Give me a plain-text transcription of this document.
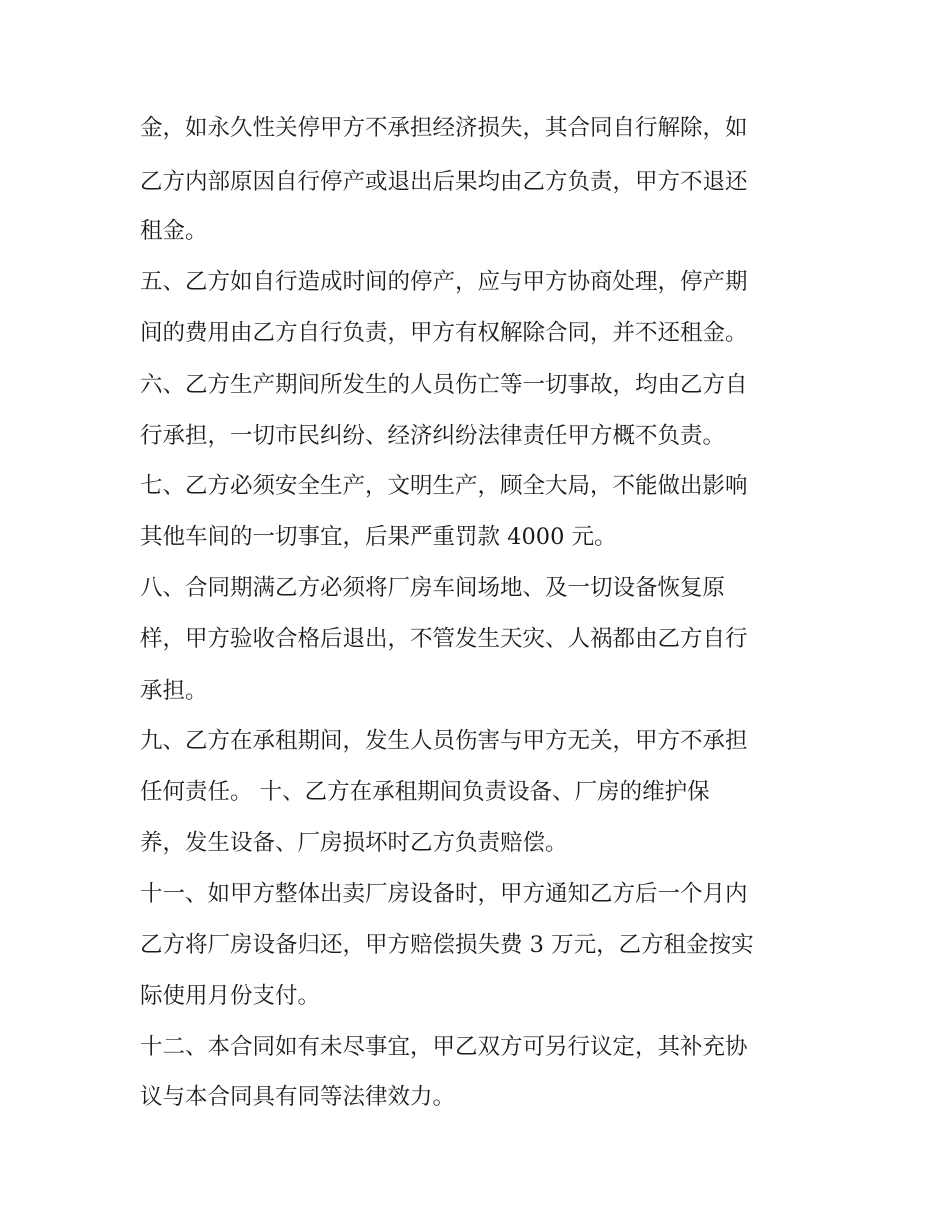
金，如永久性关停甲方不承担经济损失，其合同自行解除，如
乙方内部原因自行停产或退出后果均由乙方负责，甲方不退还
租金。
五、乙方如自行造成时间的停产，应与甲方协商处理，停产期
间的费用由乙方自行负责，甲方有权解除合同，并不还租金。
六、乙方生产期间所发生的人员伤亡等一切事故，均由乙方自
行承担，一切市民纠纷、经济纠纷法律责任甲方概不负责。
七、乙方必须安全生产，文明生产，顾全大局，不能做出影响
其他车间的一切事宜，后果严重罚款 4000 元。
八、合同期满乙方必须将厂房车间场地、及一切设备恢复原
样，甲方验收合格后退出，不管发生天灾、人祸都由乙方自行
承担。
九、乙方在承租期间，发生人员伤害与甲方无关，甲方不承担
任何责任。 十、乙方在承租期间负责设备、厂房的维护保
养，发生设备、厂房损坏时乙方负责赔偿。
十一、如甲方整体出卖厂房设备时，甲方通知乙方后一个月内
乙方将厂房设备归还，甲方赔偿损失费 3 万元，乙方租金按实
际使用月份支付。
十二、本合同如有未尽事宜，甲乙双方可另行议定，其补充协
议与本合同具有同等法律效力。
